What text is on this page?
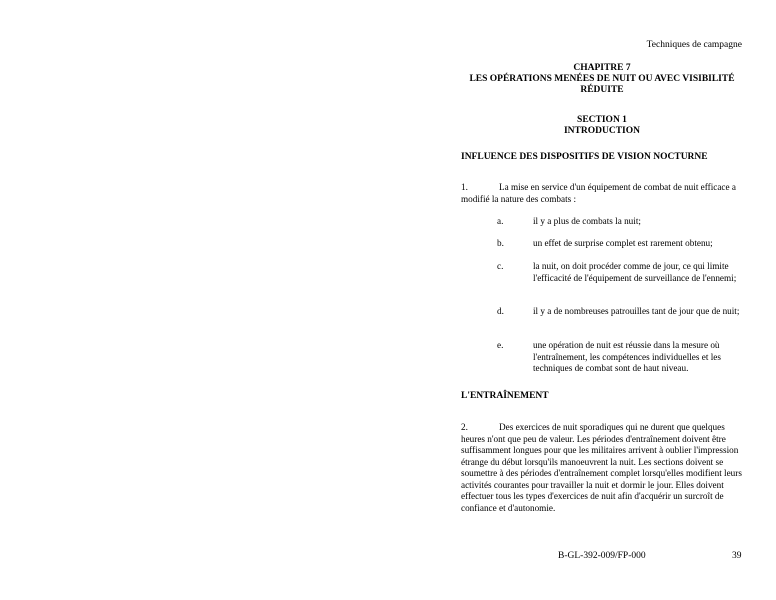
Techniques de campagne
CHAPITRE 7
LES OPÉRATIONS MENÉES DE NUIT OU AVEC VISIBILITÉ
RÉDUITE
SECTION 1
INTRODUCTION
INFLUENCE DES DISPOSITIFS DE VISION NOCTURNE
1.	La mise en service d'un équipement de combat de nuit efficace a modifié la nature des combats :
a.	il y a plus de combats la nuit;
b.	un effet de surprise complet est rarement obtenu;
c.	la nuit, on doit procéder comme de jour, ce qui limite l'efficacité de l'équipement de surveillance de l'ennemi;
d.	il y a de nombreuses patrouilles tant de jour que de nuit;
e.	une opération de nuit est réussie dans la mesure où l'entraînement, les compétences individuelles et les techniques de combat sont de haut niveau.
L'ENTRAÎNEMENT
2.	Des exercices de nuit sporadiques qui ne durent que quelques heures n'ont que peu de valeur. Les périodes d'entraînement doivent être suffisamment longues pour que les militaires arrivent à oublier l'impression étrange du début lorsqu'ils manoeuvrent la nuit. Les sections doivent se soumettre à des périodes d'entraînement complet lorsqu'elles modifient leurs activités courantes pour travailler la nuit et dormir le jour. Elles doivent effectuer tous les types d'exercices de nuit afin d'acquérir un surcroît de confiance et d'autonomie.
B-GL-392-009/FP-000	39
